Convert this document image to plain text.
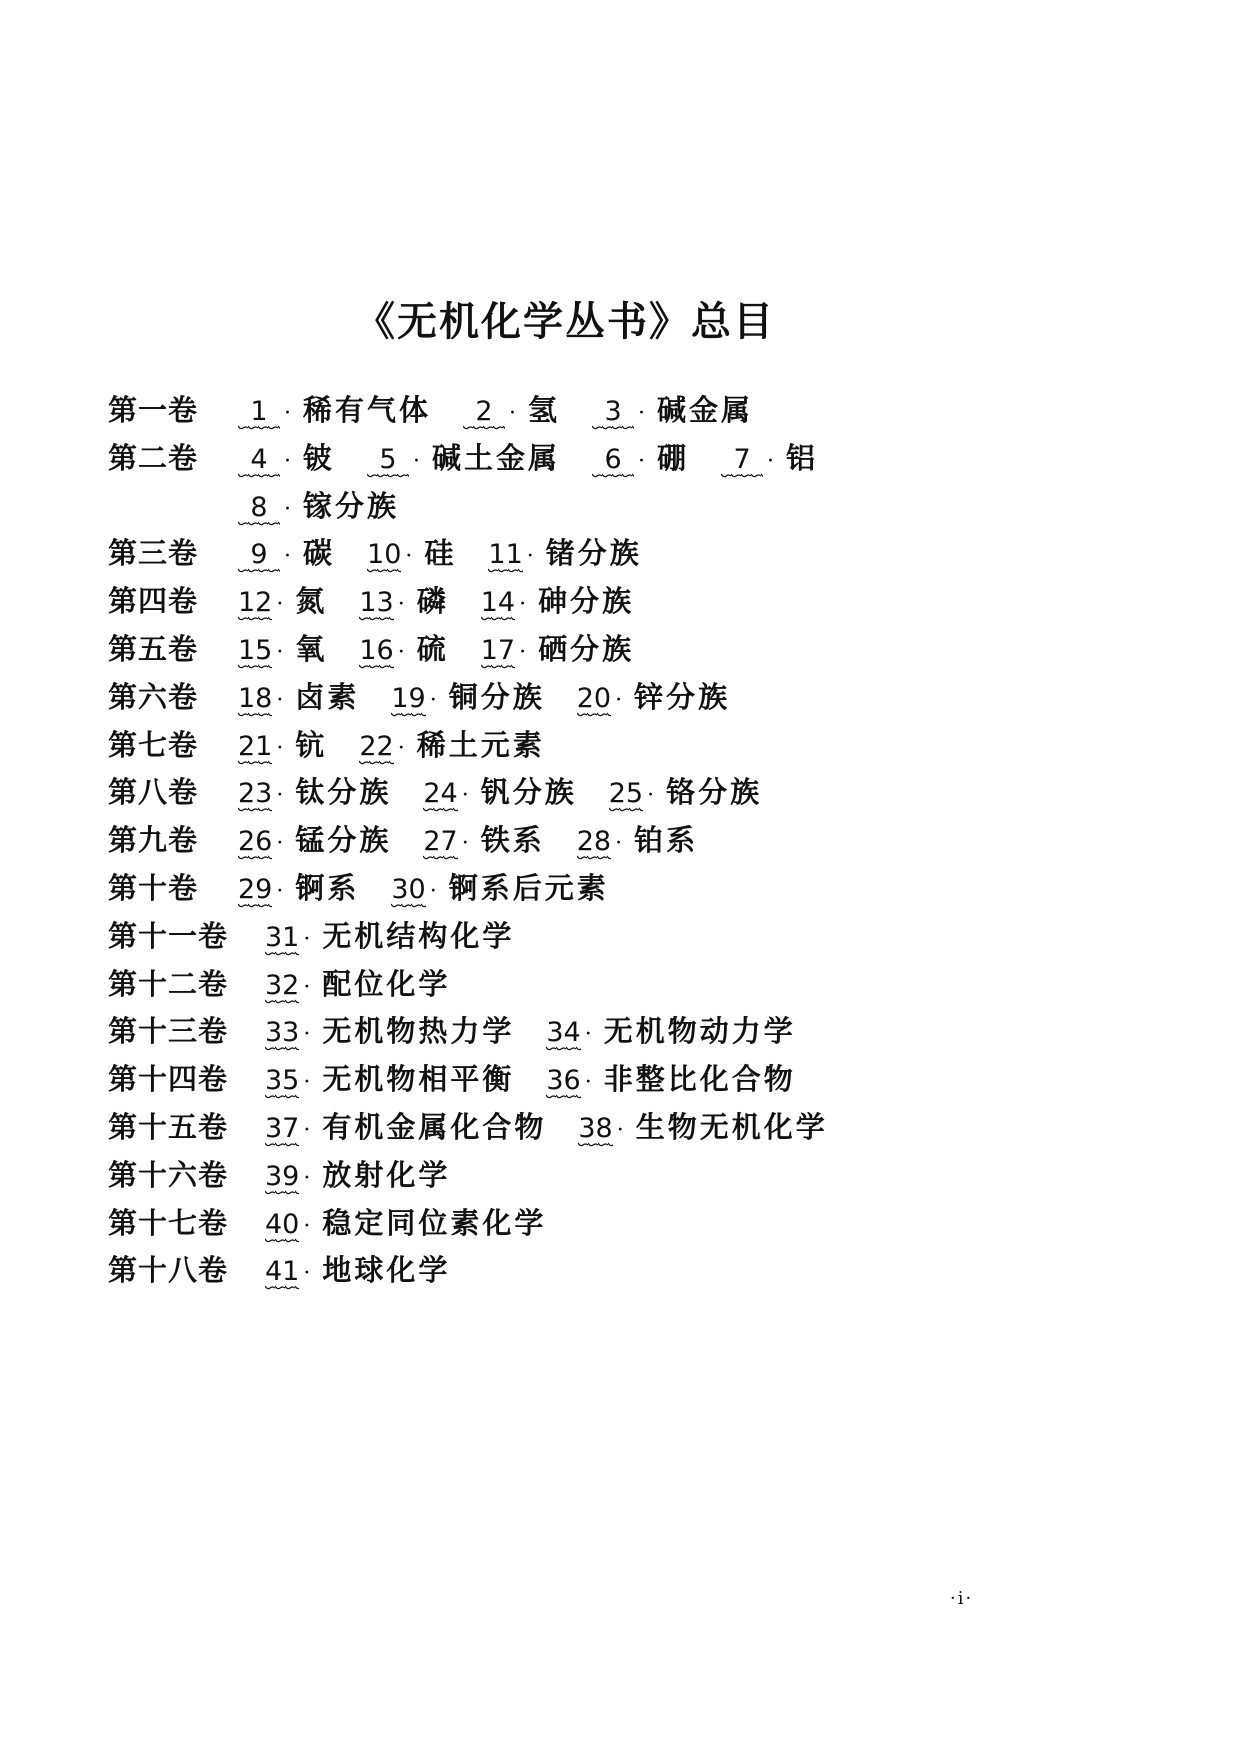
《无机化学丛书》总目
第一卷	1 · 稀有气体	2 · 氢	3 · 碱金属
第二卷	4 · 铍	5 · 碱土金属	6 · 硼	7 · 铝
8 · 镓分族
第三卷	9 · 碳 10 · 硅 11 · 锗分族
第四卷	12 · 氮 13 · 磷 14 · 砷分族
第五卷	15 · 氧 16 · 硫 17 · 硒分族
第六卷	18 · 卤素 19 · 铜分族 20 · 锌分族
第七卷	21 · 钪 22 · 稀土元素
第八卷	23 · 钛分族 24 · 钒分族 25 · 铬分族
第九卷	26 · 锰分族 27 · 铁系 28 · 铂系
第十卷	29 · 锕系 30 · 锕系后元素
第十一卷	31 · 无机结构化学
第十二卷	32 · 配位化学
第十三卷	33 · 无机物热力学 34 · 无机物动力学
第十四卷	35 · 无机物相平衡 36 · 非整比化合物
第十五卷	37 · 有机金属化合物 38 · 生物无机化学
第十六卷	39 · 放射化学
第十七卷	40 · 稳定同位素化学
第十八卷	41 · 地球化学
·i·
